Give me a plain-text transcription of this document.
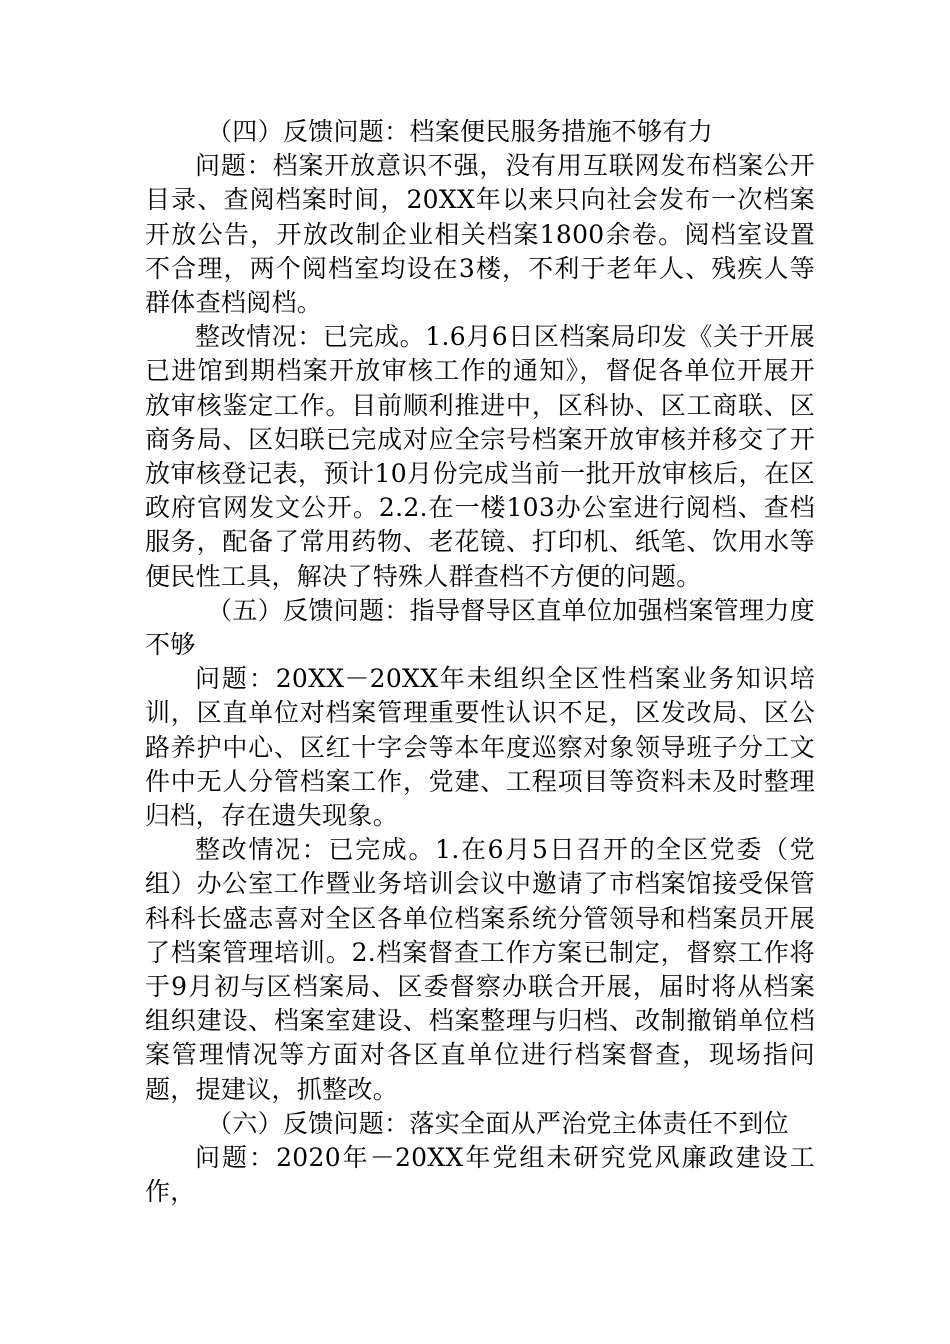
（四）反馈问题：档案便民服务措施不够有力

问题：档案开放意识不强，没有用互联网发布档案公开目录、查阅档案时间，20XX年以来只向社会发布一次档案开放公告，开放改制企业相关档案1800余卷。阅档室设置不合理，两个阅档室均设在3楼，不利于老年人、残疾人等群体查档阅档。

整改情况：已完成。1.6月6日区档案局印发《关于开展已进馆到期档案开放审核工作的通知》，督促各单位开展开放审核鉴定工作。目前顺利推进中，区科协、区工商联、区商务局、区妇联已完成对应全宗号档案开放审核并移交了开放审核登记表，预计10月份完成当前一批开放审核后，在区政府官网发文公开。2.2.在一楼103办公室进行阅档、查档服务，配备了常用药物、老花镜、打印机、纸笔、饮用水等便民性工具，解决了特殊人群查档不方便的问题。

（五）反馈问题：指导督导区直单位加强档案管理力度不够

问题：20XX－20XX年未组织全区性档案业务知识培训，区直单位对档案管理重要性认识不足，区发改局、区公路养护中心、区红十字会等本年度巡察对象领导班子分工文件中无人分管档案工作，党建、工程项目等资料未及时整理归档，存在遗失现象。

整改情况：已完成。1.在6月5日召开的全区党委（党组）办公室工作暨业务培训会议中邀请了市档案馆接受保管科科长盛志喜对全区各单位档案系统分管领导和档案员开展了档案管理培训。2.档案督查工作方案已制定，督察工作将于9月初与区档案局、区委督察办联合开展，届时将从档案组织建设、档案室建设、档案整理与归档、改制撤销单位档案管理情况等方面对各区直单位进行档案督查，现场指问题，提建议，抓整改。

（六）反馈问题：落实全面从严治党主体责任不到位

问题：2020年－20XX年党组未研究党风廉政建设工作，
